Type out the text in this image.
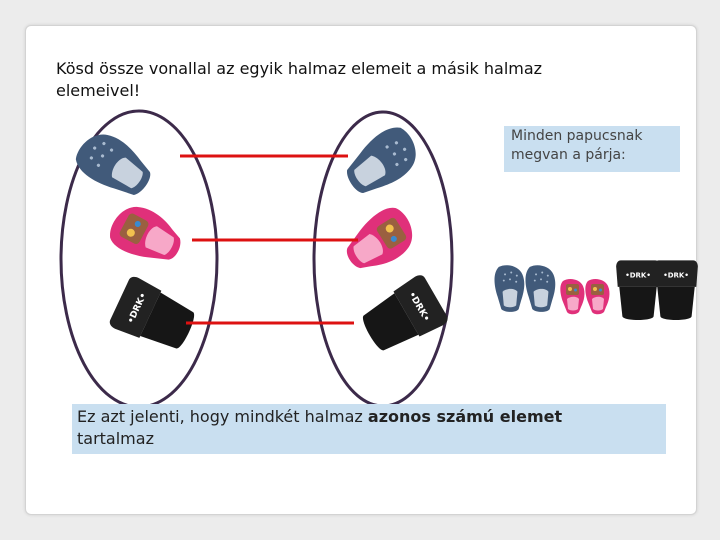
Kösd össze vonallal az egyik halmaz elemeit a másik halmaz
elemeivel!
•DRK•
Minden papucsnak
megvan a párja:
Ez azt jelenti, hogy mindkét halmaz azonos számú elemet
tartalmaz
